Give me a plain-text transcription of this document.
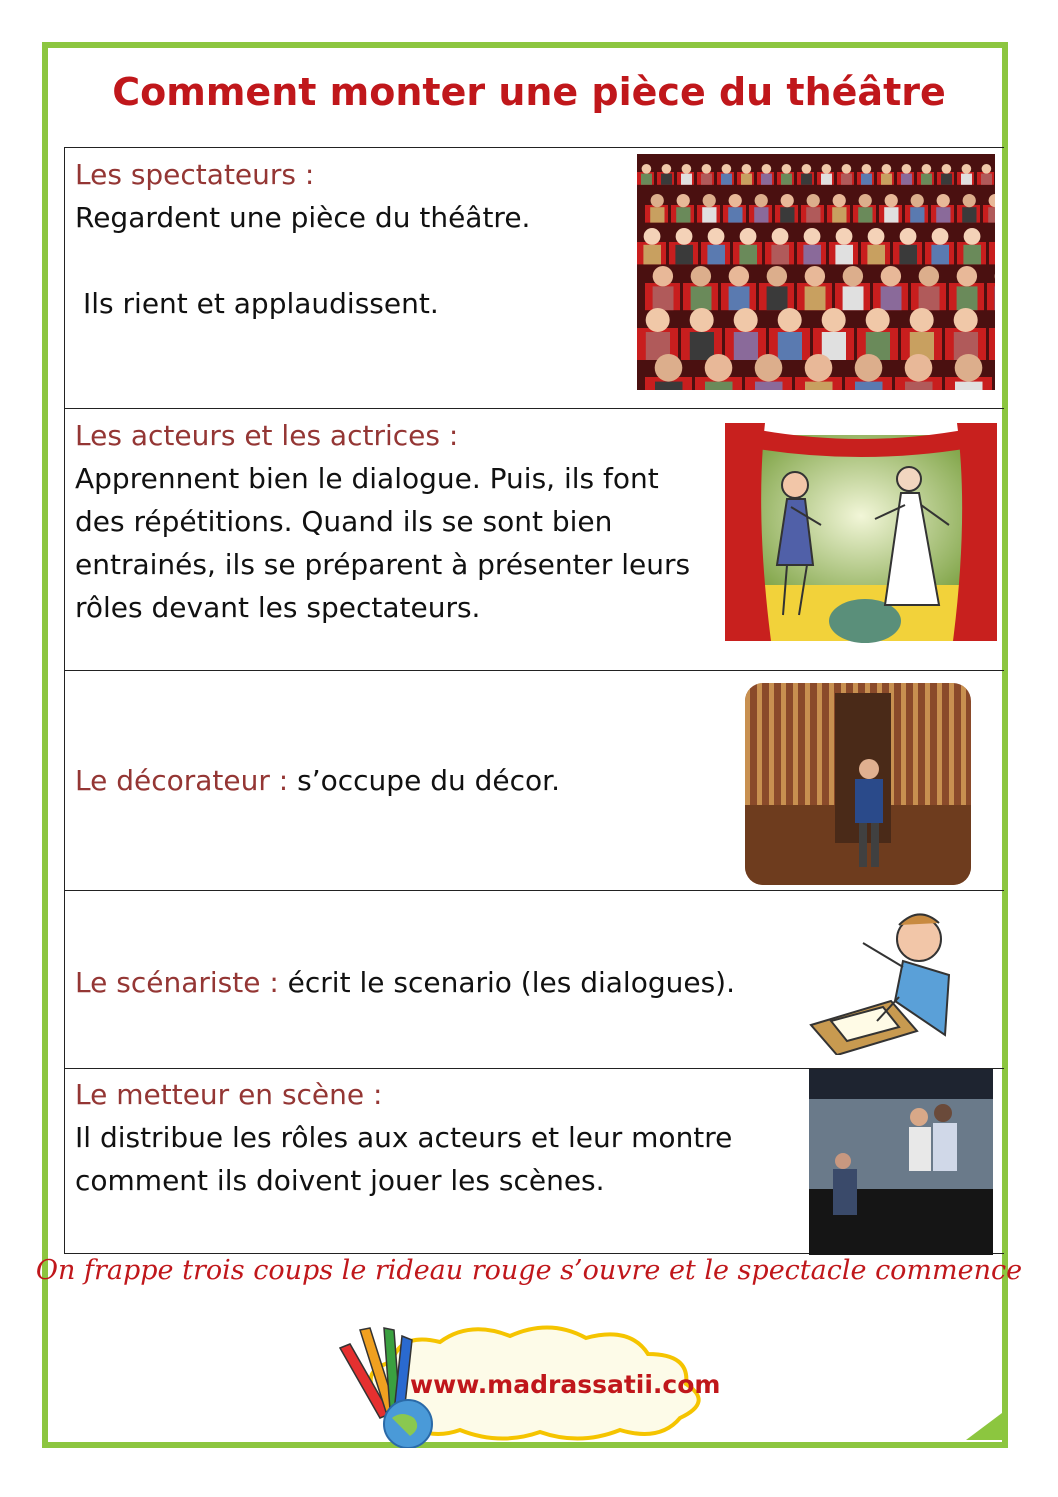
Comment monter une pièce du théâtre
Les spectateurs :
Regardent une pièce du théâtre.
Ils rient et applaudissent.
Les acteurs et les actrices :
Apprennent bien le dialogue. Puis, ils font
des répétitions. Quand ils se sont bien
entrainés, ils se préparent à présenter leurs
rôles devant les spectateurs.
Le décorateur : s’occupe du décor.
Le scénariste : écrit le scenario (les dialogues).
Le metteur en scène :
Il distribue les rôles aux acteurs et leur montre
comment ils doivent jouer les scènes.
On frappe trois coups le rideau rouge s’ouvre et le spectacle commence
www.madrassatii.com
